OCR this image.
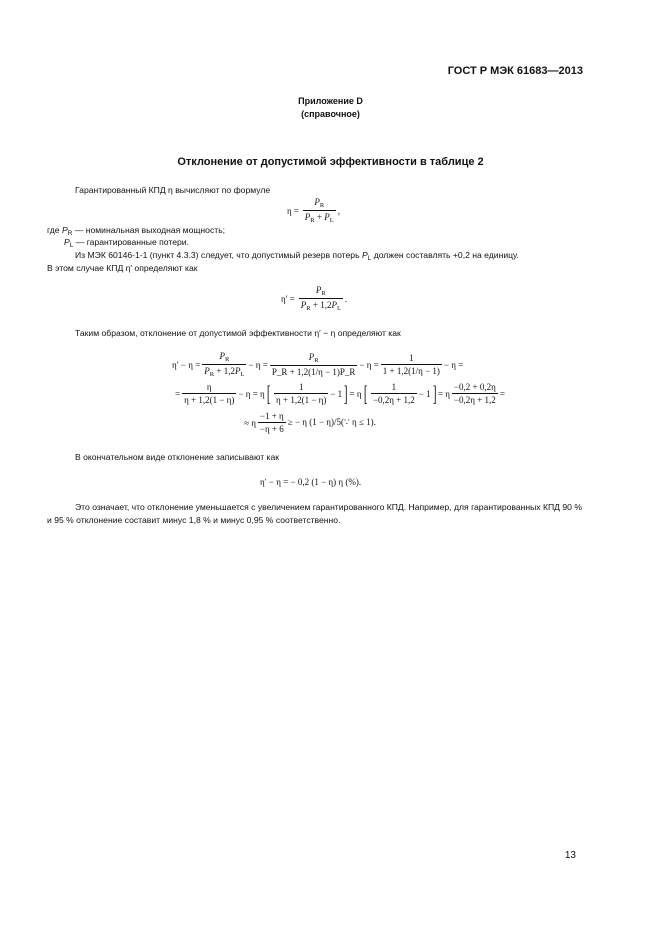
ГОСТ Р МЭК 61683—2013
Приложение D
(справочное)
Отклонение от допустимой эффективности в таблице 2
Гарантированный КПД η вычисляют по формуле
$\eta = \frac{P_R}{P_R + P_L}$ ,
где $P_R$ — номинальная выходная мощность;
$P_L$ — гарантированные потери.
Из МЭК 60146-1-1 (пункт 4.3.3) следует, что допустимый резерв потерь $P_L$ должен составлять +0,2 на единицу.
В этом случае КПД η′ определяют как
$\eta' = \frac{P_R}{P_R + 1,2P_L}$ .
Таким образом, отклонение от допустимой эффективности η′ − η определяют как
$\eta' - \eta = \frac{P_R}{P_R + 1,2P_L} - \eta = \frac{P_R}{P\_R + 1,2(1/\eta - 1)P\_R} - \eta = \frac{1}{1 + 1,2(1/\eta - 1)} - \eta$ =
= $\frac{\eta}{\eta + 1,2(1 - \eta)} - \eta = \eta$ [ $\frac{1}{\eta + 1,2(1 - \eta)} - 1$ ] = η [ $\frac{1}{-0,2\eta + 1,2} - 1$ ] = η $\frac{-0,2 + 0,2\eta}{-0,2\eta + 1,2}$ =
≈ η $\frac{-1 + \eta}{-\eta + 6}$ ≥ − η (1 − η)/5(∵ η ≤ 1).
В окончательном виде отклонение записывают как
η′ − η = − 0,2 (1 − η) η (%).
Это означает, что отклонение уменьшается с увеличением гарантированного КПД. Например, для гарантированных КПД 90 % и 95 % отклонение составит минус 1,8 % и минус 0,95 % соответственно.
13
